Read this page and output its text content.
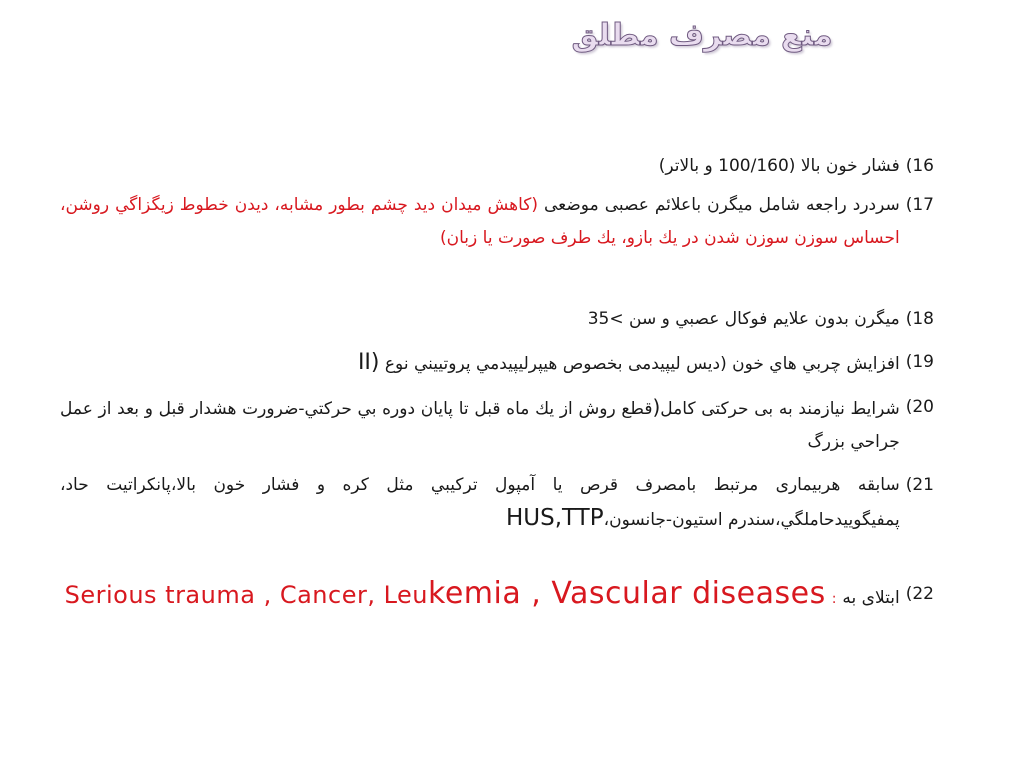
منع مصرف مطلق
16)
فشار خون بالا (100/160 و بالاتر)
17)
سردرد راجعه شامل میگرن باعلائم عصبی موضعی (کاهش میدان دید چشم بطور مشابه، دیدن خطوط زیگزاگي روشن، احساس سوزن سوزن شدن در يك بازو، يك طرف صورت يا زبان)
18)
میگرن بدون علایم فوکال عصبي و سن >35
19)
افزايش چربي هاي خون (ديس ليپيدمی بخصوص هيپرليپيدمي پروتييني نوع II)
20)
شرایط نیازمند به بی حرکتی کامل(قطع روش از يك ماه قبل تا پايان دوره بي حركتي-ضرورت هشدار قبل و بعد از عمل جراحي بزرگ
21)
سابقه هربیماری مرتبط بامصرف قرص یا آمپول ترکیبي مثل کره و فشار خون بالا،پانكراتيت حاد، پمفیگويیدحاملگي،سندرم استيون-جانسون،HUS,TTP
22)
ابتلای به:Serious trauma , Cancer, Leukemia , Vascular diseases
